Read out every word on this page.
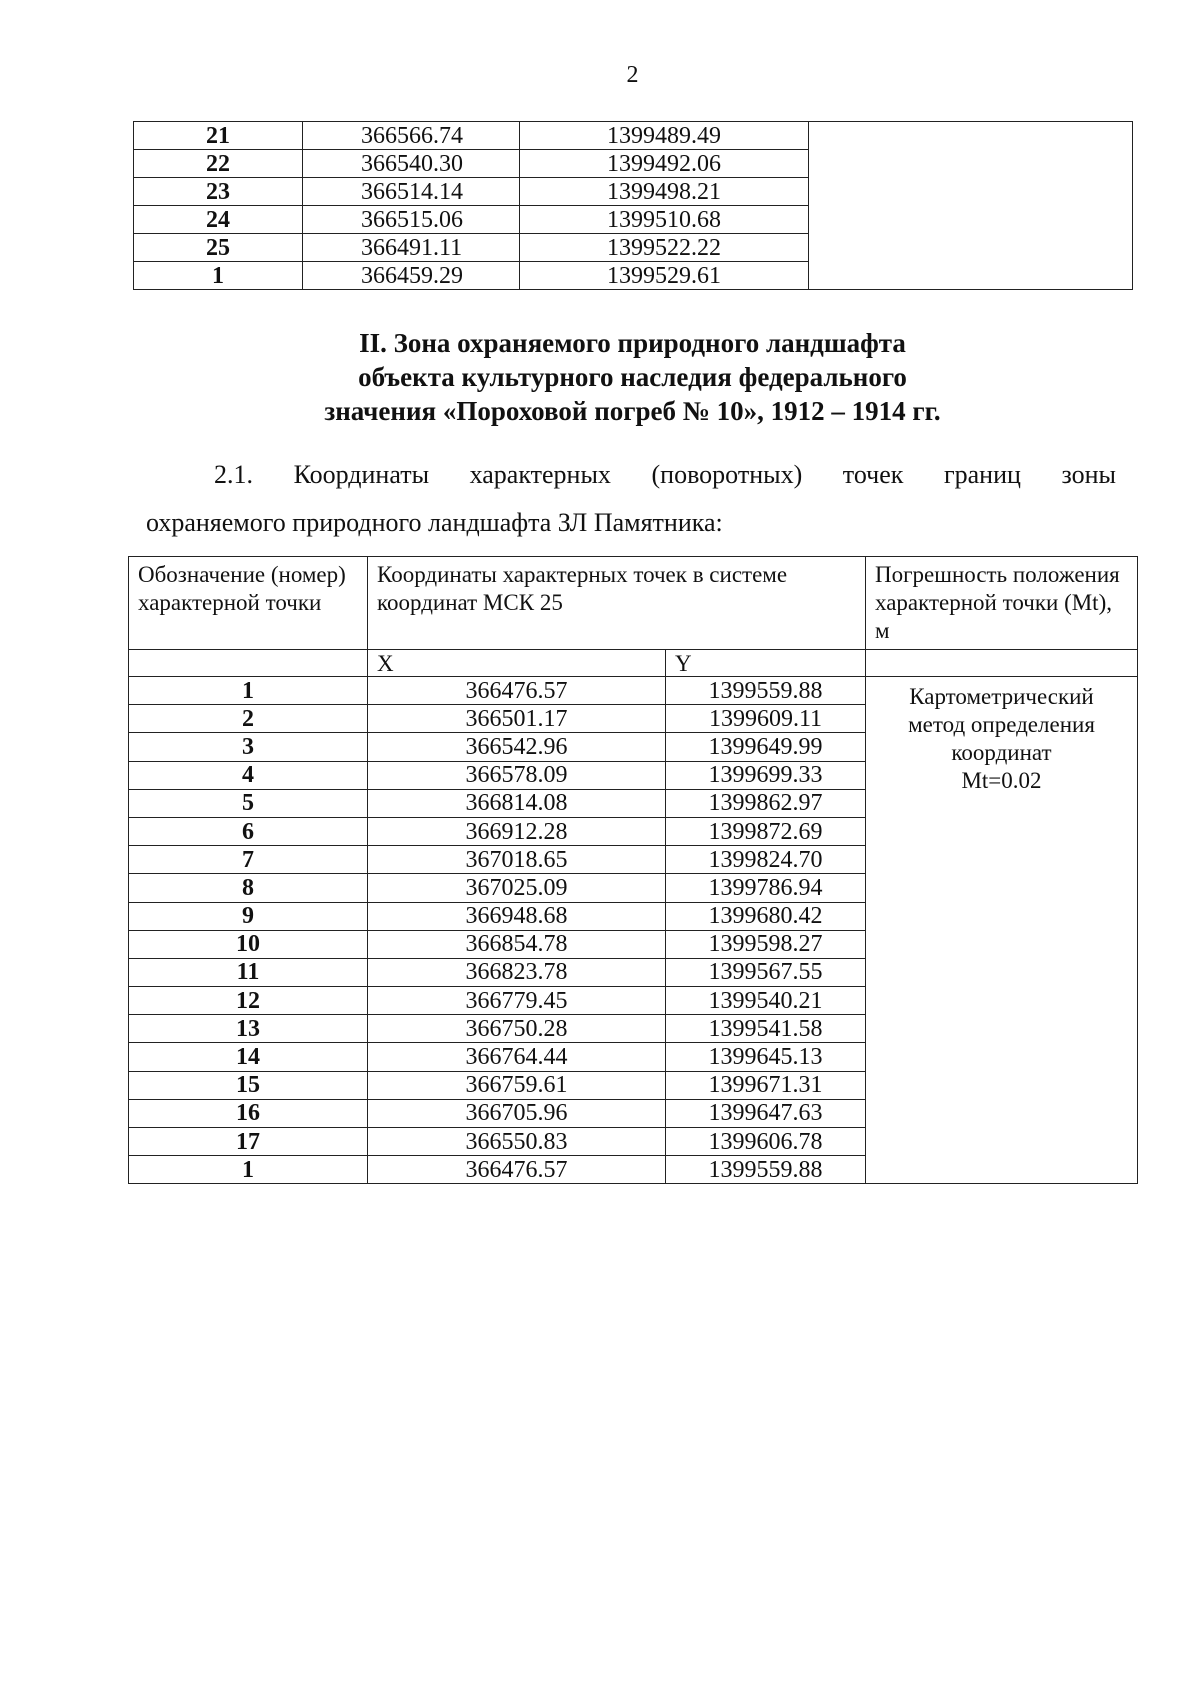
2
21	366566.74	1399489.49	
22	366540.30	1399492.06	
23	366514.14	1399498.21	
24	366515.06	1399510.68	
25	366491.11	1399522.22	
1	366459.29	1399529.61	
II. Зона охраняемого природного ландшафта
объекта культурного наследия федерального
значения «Пороховой погреб № 10», 1912 – 1914 гг.
2.1. Координаты характерных (поворотных) точек границ зоны
охраняемого природного ландшафта ЗЛ Памятника:
Обозначение (номер) характерной точки	Координаты характерных точек в системе координат МСК 25		Погрешность положения характерной точки (Mt), м
	X	Y	
1	366476.57	1399559.88	Картометрический
метод определения
координат
Mt=0.02

2	366501.17	1399609.11	
3	366542.96	1399649.99	
4	366578.09	1399699.33	
5	366814.08	1399862.97	
6	366912.28	1399872.69	
7	367018.65	1399824.70	
8	367025.09	1399786.94	
9	366948.68	1399680.42	
10	366854.78	1399598.27	
11	366823.78	1399567.55	
12	366779.45	1399540.21	
13	366750.28	1399541.58	
14	366764.44	1399645.13	
15	366759.61	1399671.31	
16	366705.96	1399647.63	
17	366550.83	1399606.78	
1	366476.57	1399559.88	
